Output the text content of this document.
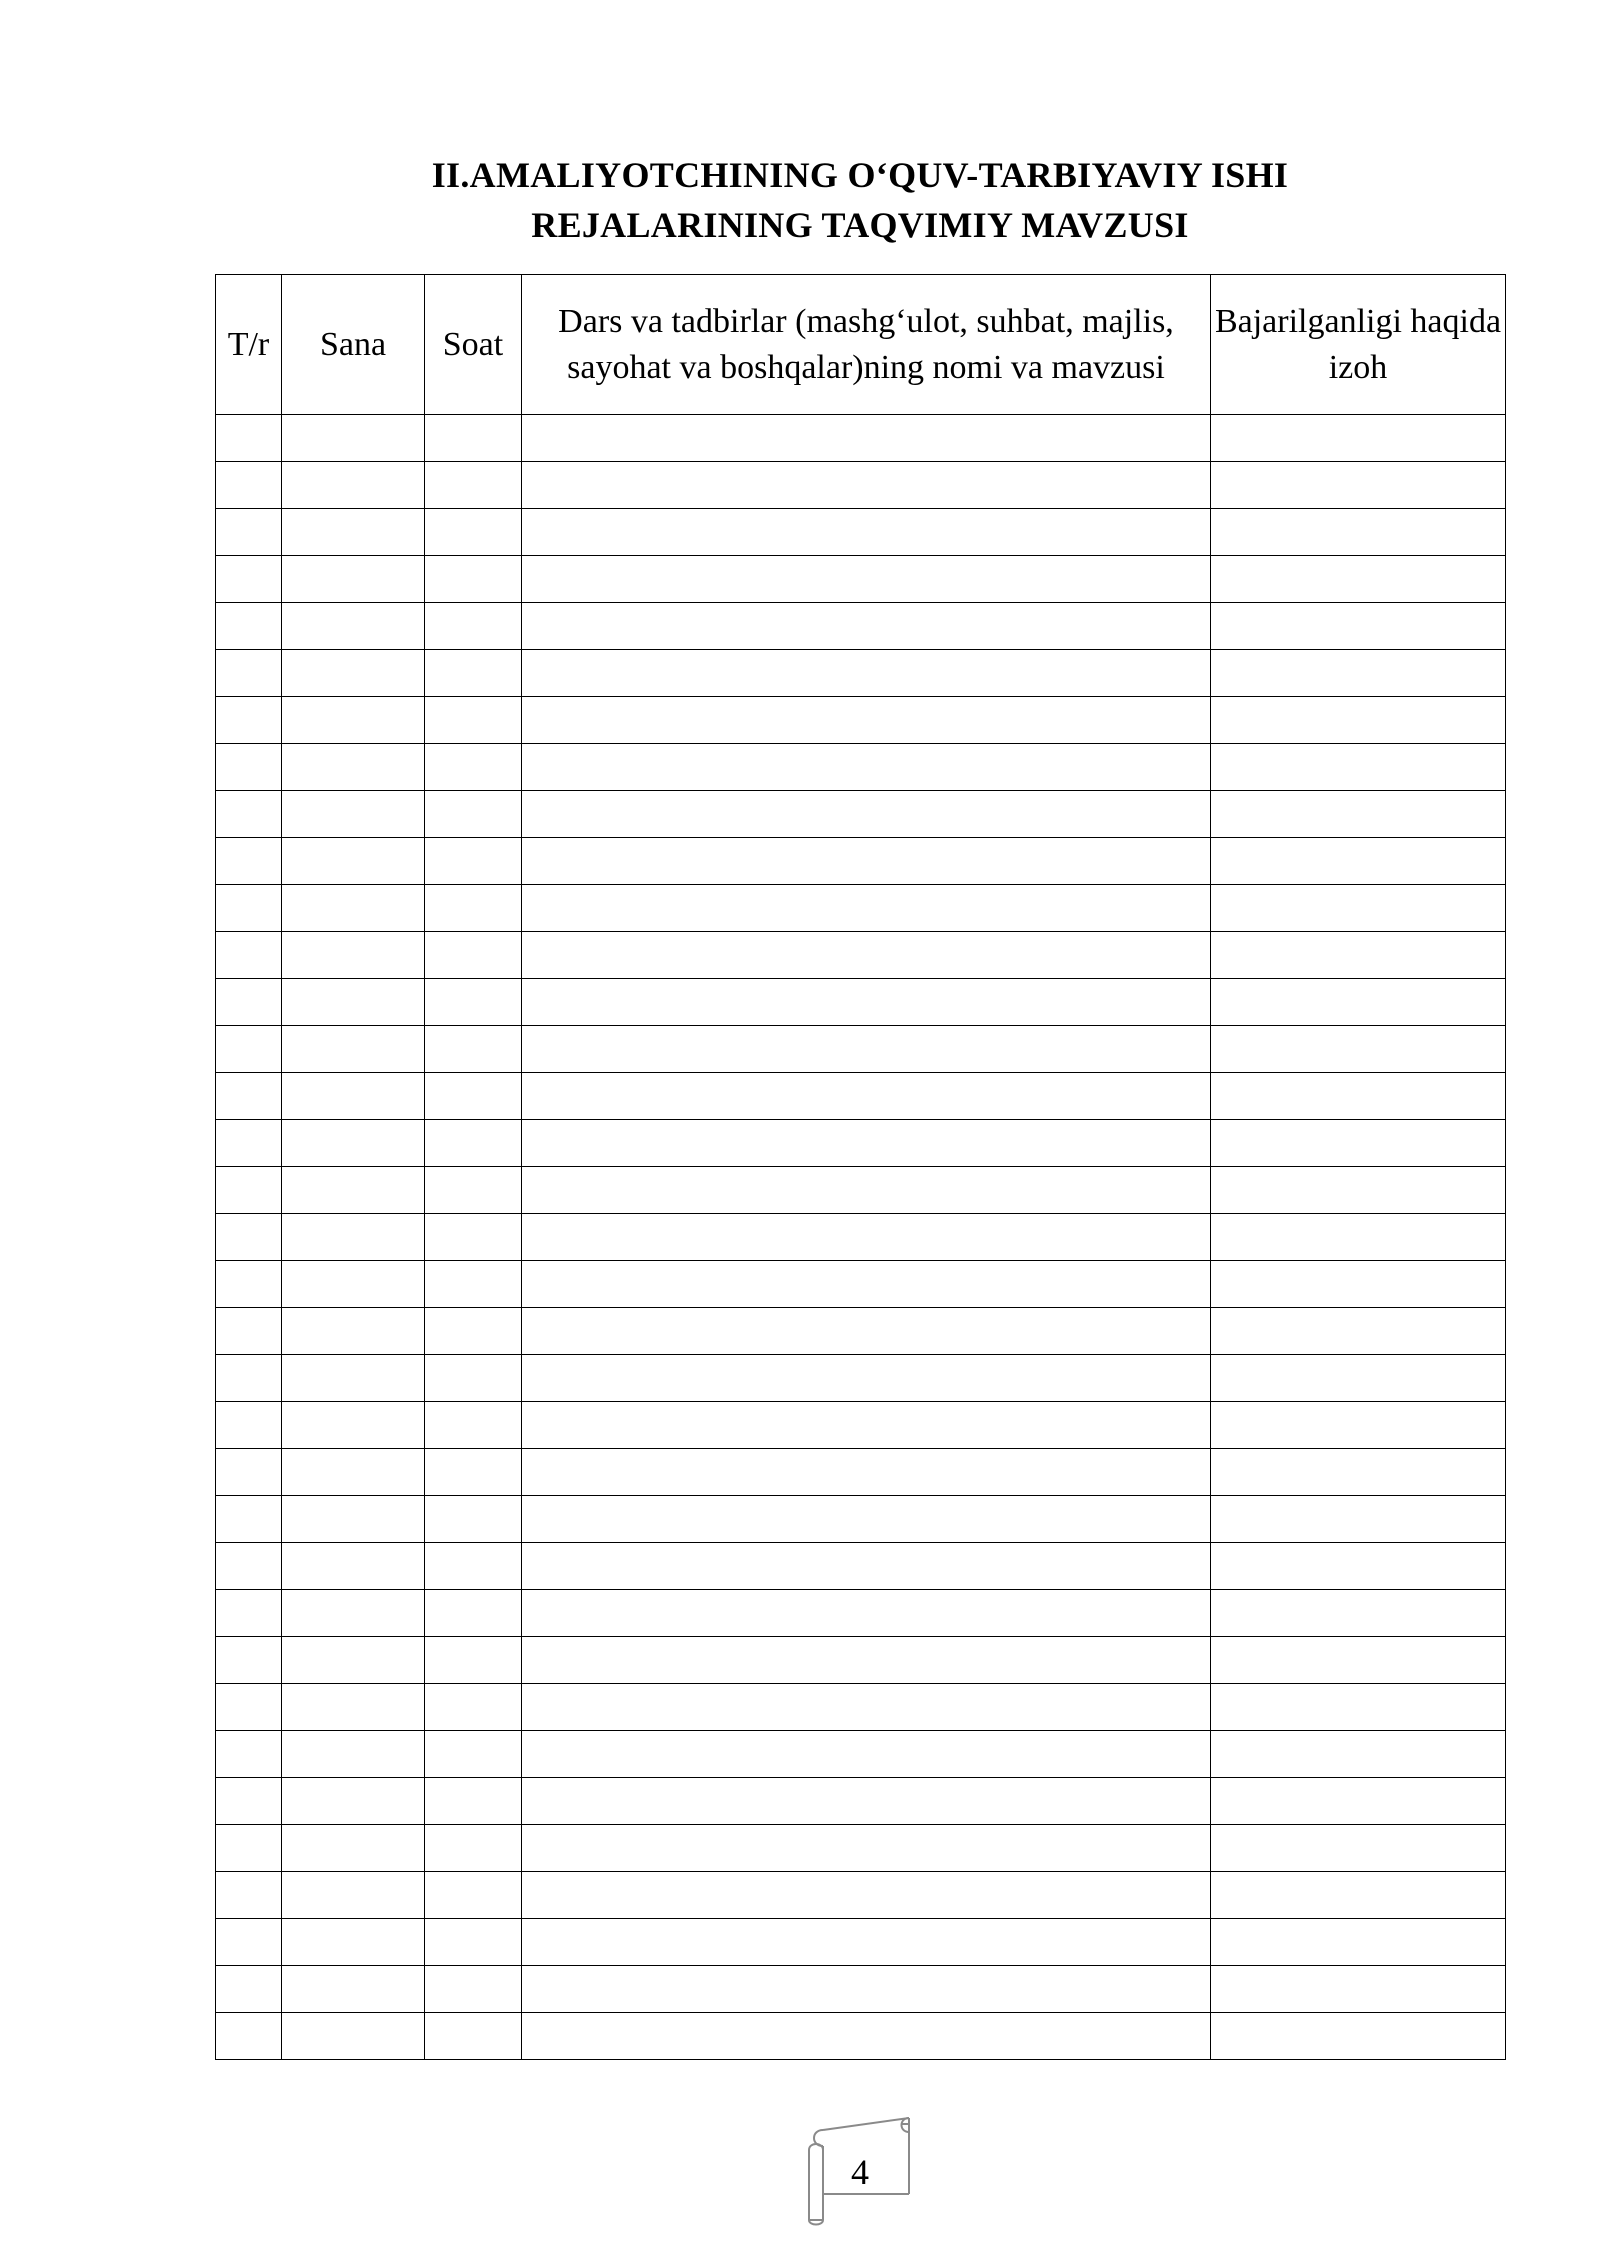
II.AMALIYOTCHINING O‘QUV-TARBIYAVIY ISHI
REJALARINING TAQVIMIY MAVZUSI
T/r	Sana	Soat	Dars va tadbirlar (mashg‘ulot, suhbat, majlis, sayohat va boshqalar)ning nomi va mavzusi	Bajarilganligi haqida izoh

4
